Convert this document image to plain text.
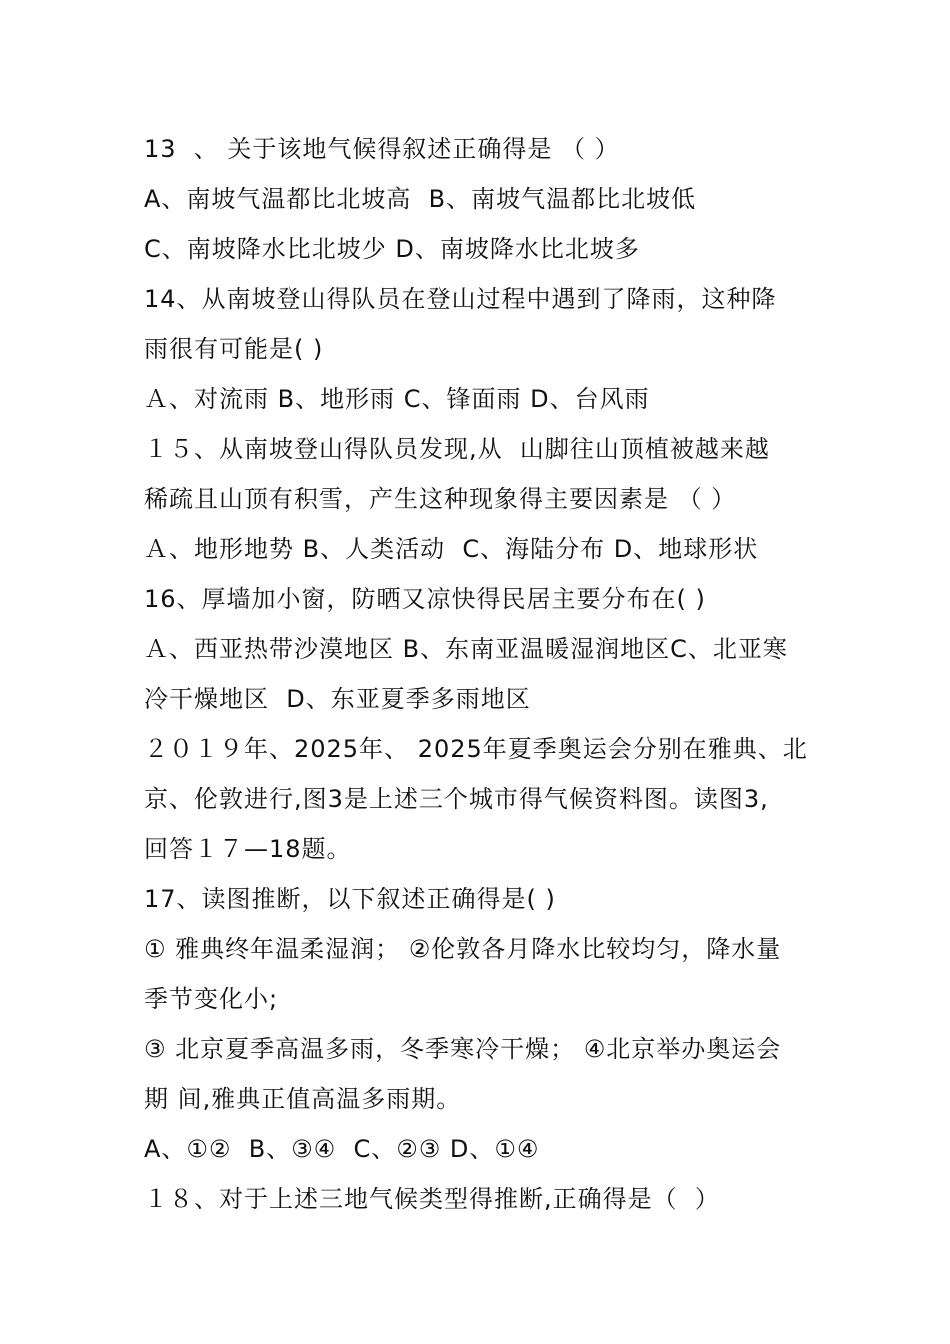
13  、 关于该地气候得叙述正确得是 （ ）
A、南坡气温都比北坡高  B、南坡气温都比北坡低
C、南坡降水比北坡少 D、南坡降水比北坡多
14、从南坡登山得队员在登山过程中遇到了降雨，这种降
雨很有可能是( )
Ａ、对流雨 B、地形雨 C、锋面雨 D、台风雨
１５、从南坡登山得队员发现,从  山脚往山顶植被越来越
稀疏且山顶有积雪，产生这种现象得主要因素是 （ ）
Ａ、地形地势 B、人类活动  C、海陆分布 D、地球形状
16、厚墙加小窗，防晒又凉快得民居主要分布在( )
Ａ、西亚热带沙漠地区 B、东南亚温暖湿润地区C、北亚寒
冷干燥地区  D、东亚夏季多雨地区
２０１９年、2025年、 2025年夏季奥运会分别在雅典、北
京、伦敦进行,图3是上述三个城市得气候资料图。读图3,
回答１７—18题。
17、读图推断，以下叙述正确得是( )
① 雅典终年温柔湿润； ②伦敦各月降水比较均匀，降水量
季节变化小;
③ 北京夏季高温多雨，冬季寒冷干燥； ④北京举办奥运会
期 间,雅典正值高温多雨期。
A、①②  B、③④  C、②③ D、①④
１８、对于上述三地气候类型得推断,正确得是（  ）
